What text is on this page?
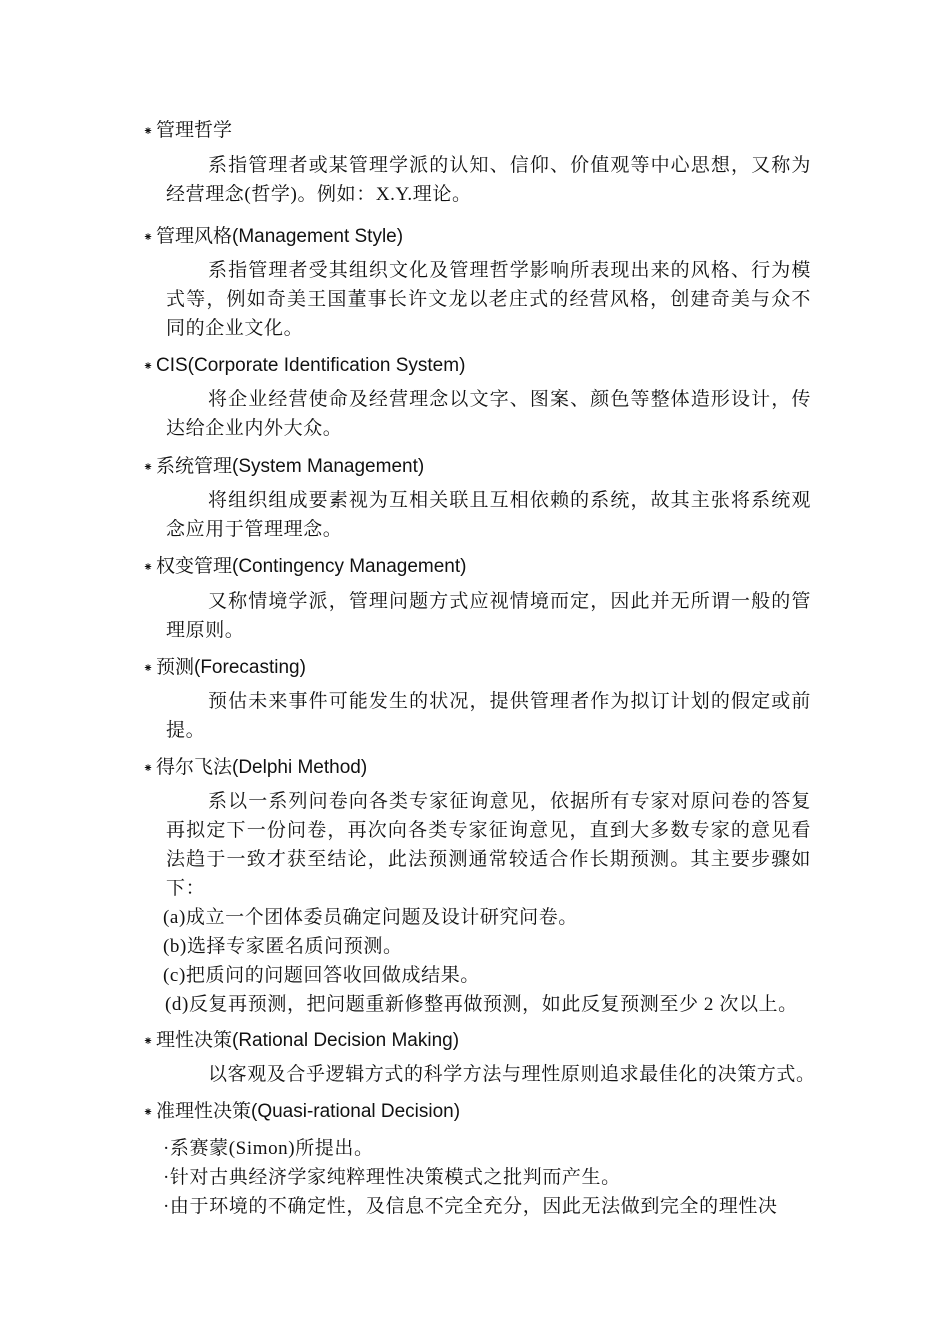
⁕ 管理哲学

系指管理者或某管理学派的认知、信仰、价值观等中心思想，又称为经营理念(哲学)。例如：X.Y.理论。

⁕ 管理风格(Management Style)

系指管理者受其组织文化及管理哲学影响所表现出来的风格、行为模式等，例如奇美王国董事长许文龙以老庄式的经营风格，创建奇美与众不同的企业文化。

⁕ CIS(Corporate Identification System)

将企业经营使命及经营理念以文字、图案、颜色等整体造形设计，传达给企业内外大众。

⁕ 系统管理(System Management)

将组织组成要素视为互相关联且互相依赖的系统，故其主张将系统观念应用于管理理念。

⁕ 权变管理(Contingency Management)

又称情境学派，管理问题方式应视情境而定，因此并无所谓一般的管理原则。

⁕ 预测(Forecasting)

预估未来事件可能发生的状况，提供管理者作为拟订计划的假定或前提。

⁕ 得尔飞法(Delphi Method)

系以一系列问卷向各类专家征询意见，依据所有专家对原问卷的答复再拟定下一份问卷，再次向各类专家征询意见，直到大多数专家的意见看法趋于一致才获至结论，此法预测通常较适合作长期预测。其主要步骤如下：

(a)成立一个团体委员确定问题及设计研究问卷。
(b)选择专家匿名质问预测。
(c)把质问的问题回答收回做成结果。
(d)反复再预测，把问题重新修整再做预测，如此反复预测至少 2 次以上。
⁕ 理性决策(Rational Decision Making)

以客观及合乎逻辑方式的科学方法与理性原则追求最佳化的决策方式。

⁕ 准理性决策(Quasi-rational Decision)
·系赛蒙(Simon)所提出。
·针对古典经济学家纯粹理性决策模式之批判而产生。
·由于环境的不确定性，及信息不完全充分，因此无法做到完全的理性决
